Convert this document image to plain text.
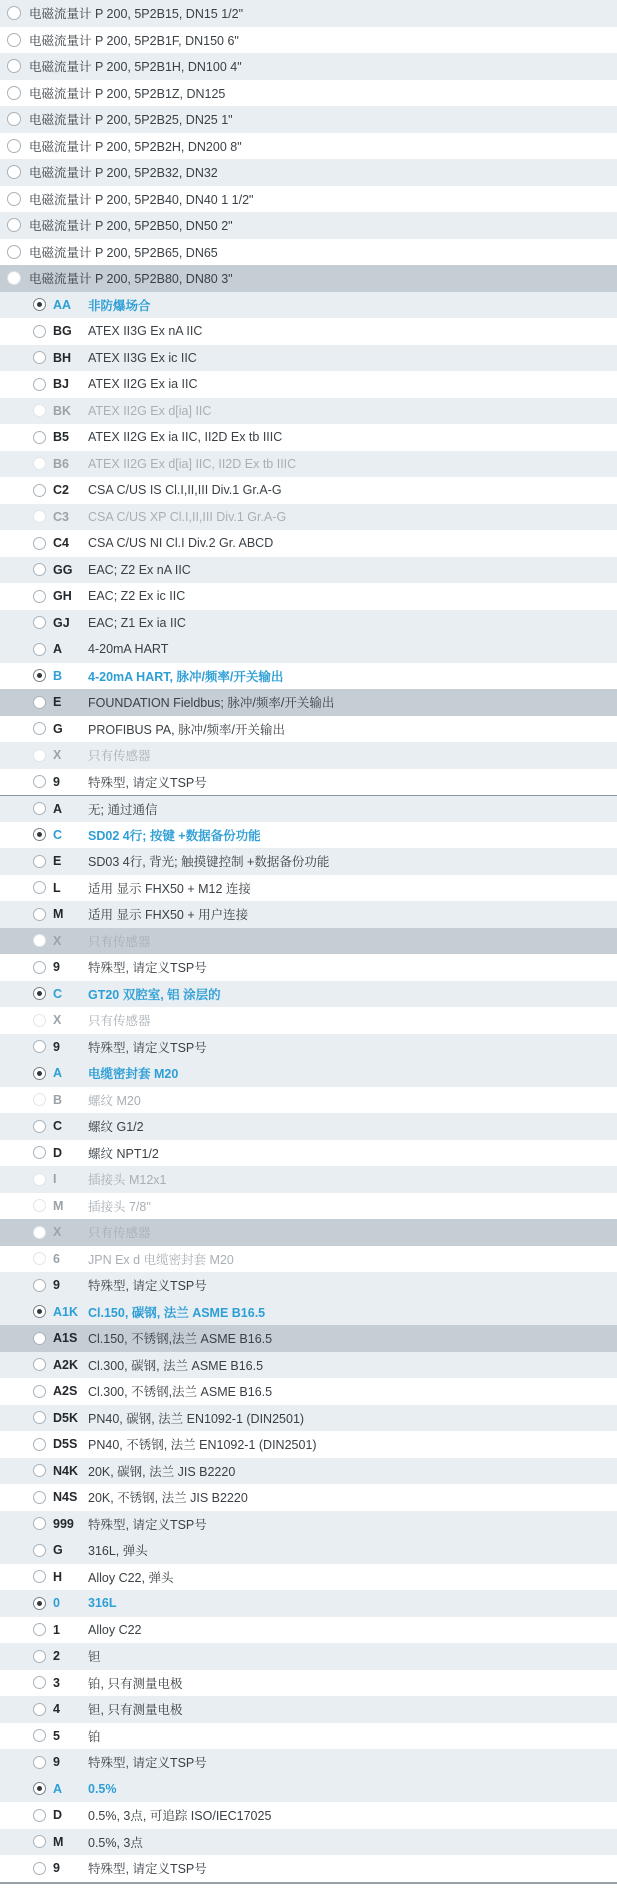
电磁流量计 P 200, 5P2B15, DN15 1/2"
电磁流量计 P 200, 5P2B1F, DN150 6"
电磁流量计 P 200, 5P2B1H, DN100 4"
电磁流量计 P 200, 5P2B1Z, DN125
电磁流量计 P 200, 5P2B25, DN25 1"
电磁流量计 P 200, 5P2B2H, DN200 8"
电磁流量计 P 200, 5P2B32, DN32
电磁流量计 P 200, 5P2B40, DN40 1 1/2"
电磁流量计 P 200, 5P2B50, DN50 2"
电磁流量计 P 200, 5P2B65, DN65
电磁流量计 P 200, 5P2B80, DN80 3"
AA	非防爆场合
BG	ATEX II3G Ex nA IIC
BH	ATEX II3G Ex ic IIC
BJ	ATEX II2G Ex ia IIC
BK	ATEX II2G Ex d[ia] IIC
B5	ATEX II2G Ex ia IIC, II2D Ex tb IIIC
B6	ATEX II2G Ex d[ia] IIC, II2D Ex tb IIIC
C2	CSA C/US IS Cl.I,II,III Div.1 Gr.A-G
C3	CSA C/US XP Cl.I,II,III Div.1 Gr.A-G
C4	CSA C/US NI Cl.I Div.2 Gr. ABCD
GG	EAC; Z2 Ex nA IIC
GH	EAC; Z2 Ex ic IIC
GJ	EAC; Z1 Ex ia IIC
A	4-20mA HART
B	4-20mA HART, 脉冲/频率/开关输出
E	FOUNDATION Fieldbus; 脉冲/频率/开关输出
G	PROFIBUS PA, 脉冲/频率/开关输出
X	只有传感器
9	特殊型, 请定义TSP号
A	无; 通过通信
C	SD02 4行; 按键 +数据备份功能
E	SD03 4行, 背光; 触摸键控制 +数据备份功能
L	适用 显示 FHX50 + M12 连接
M	适用 显示 FHX50 + 用户连接
X	只有传感器
9	特殊型, 请定义TSP号
C	GT20 双腔室, 铝 涂层的
X	只有传感器
9	特殊型, 请定义TSP号
A	电缆密封套 M20
B	螺纹 M20
C	螺纹 G1/2
D	螺纹 NPT1/2
I	插接头 M12x1
M	插接头 7/8"
X	只有传感器
6	JPN Ex d 电缆密封套 M20
9	特殊型, 请定义TSP号
A1K Cl.150, 碳钢, 法兰 ASME B16.5
A1S Cl.150, 不锈钢,法兰 ASME B16.5
A2K Cl.300, 碳钢, 法兰 ASME B16.5
A2S Cl.300, 不锈钢,法兰 ASME B16.5
D5K PN40, 碳钢, 法兰 EN1092-1 (DIN2501)
D5S PN40, 不锈钢, 法兰 EN1092-1 (DIN2501)
N4K 20K, 碳钢, 法兰 JIS B2220
N4S 20K, 不锈钢, 法兰 JIS B2220
999	特殊型, 请定义TSP号
G	316L, 弹头
H	Alloy C22, 弹头
0	316L
1	Alloy C22
2	钽
3	铂, 只有测量电极
4	钽, 只有测量电极
5	铂
9	特殊型, 请定义TSP号
A	0.5%
D	0.5%, 3点, 可追踪 ISO/IEC17025
M	0.5%, 3点
9	特殊型, 请定义TSP号
